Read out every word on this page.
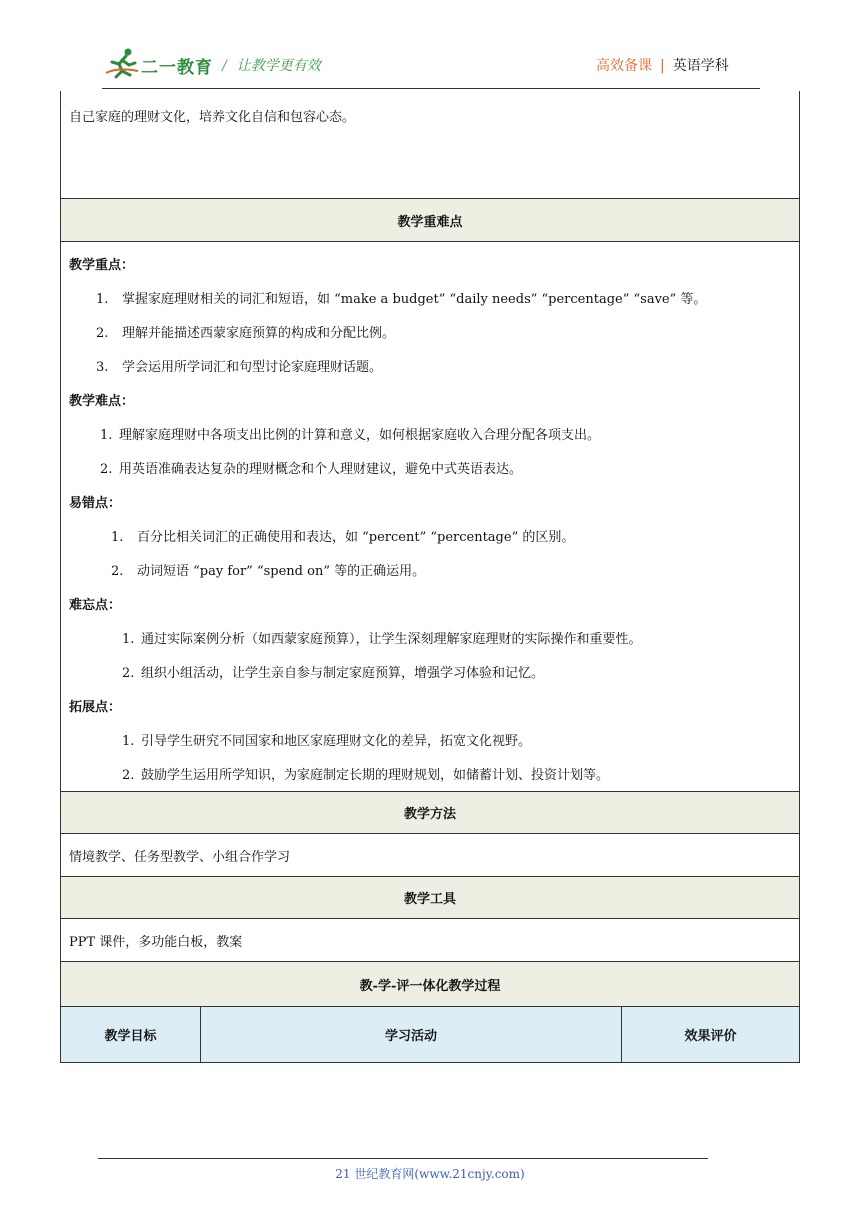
二一教育 / 让教学更有效	高效备课 | 英语学科
自己家庭的理财文化，培养文化自信和包容心态。
教学重难点
教学重点：
1. 掌握家庭理财相关的词汇和短语，如 “make a budget” “daily needs” “percentage” “save” 等。
2. 理解并能描述西蒙家庭预算的构成和分配比例。
3. 学会运用所学词汇和句型讨论家庭理财话题。
教学难点：
1. 理解家庭理财中各项支出比例的计算和意义，如何根据家庭收入合理分配各项支出。
2. 用英语准确表达复杂的理财概念和个人理财建议，避免中式英语表达。
易错点：
1. 百分比相关词汇的正确使用和表达，如 “percent” “percentage” 的区别。
2. 动词短语 “pay for” “spend on” 等的正确运用。
难忘点：
1. 通过实际案例分析（如西蒙家庭预算），让学生深刻理解家庭理财的实际操作和重要性。
2. 组织小组活动，让学生亲自参与制定家庭预算，增强学习体验和记忆。
拓展点：
1. 引导学生研究不同国家和地区家庭理财文化的差异，拓宽文化视野。
2. 鼓励学生运用所学知识，为家庭制定长期的理财规划，如储蓄计划、投资计划等。
教学方法
情境教学、任务型教学、小组合作学习
教学工具
PPT 课件，多功能白板，教案
教-学-评一体化教学过程
教学目标	学习活动	效果评价
21 世纪教育网(www.21cnjy.com)
